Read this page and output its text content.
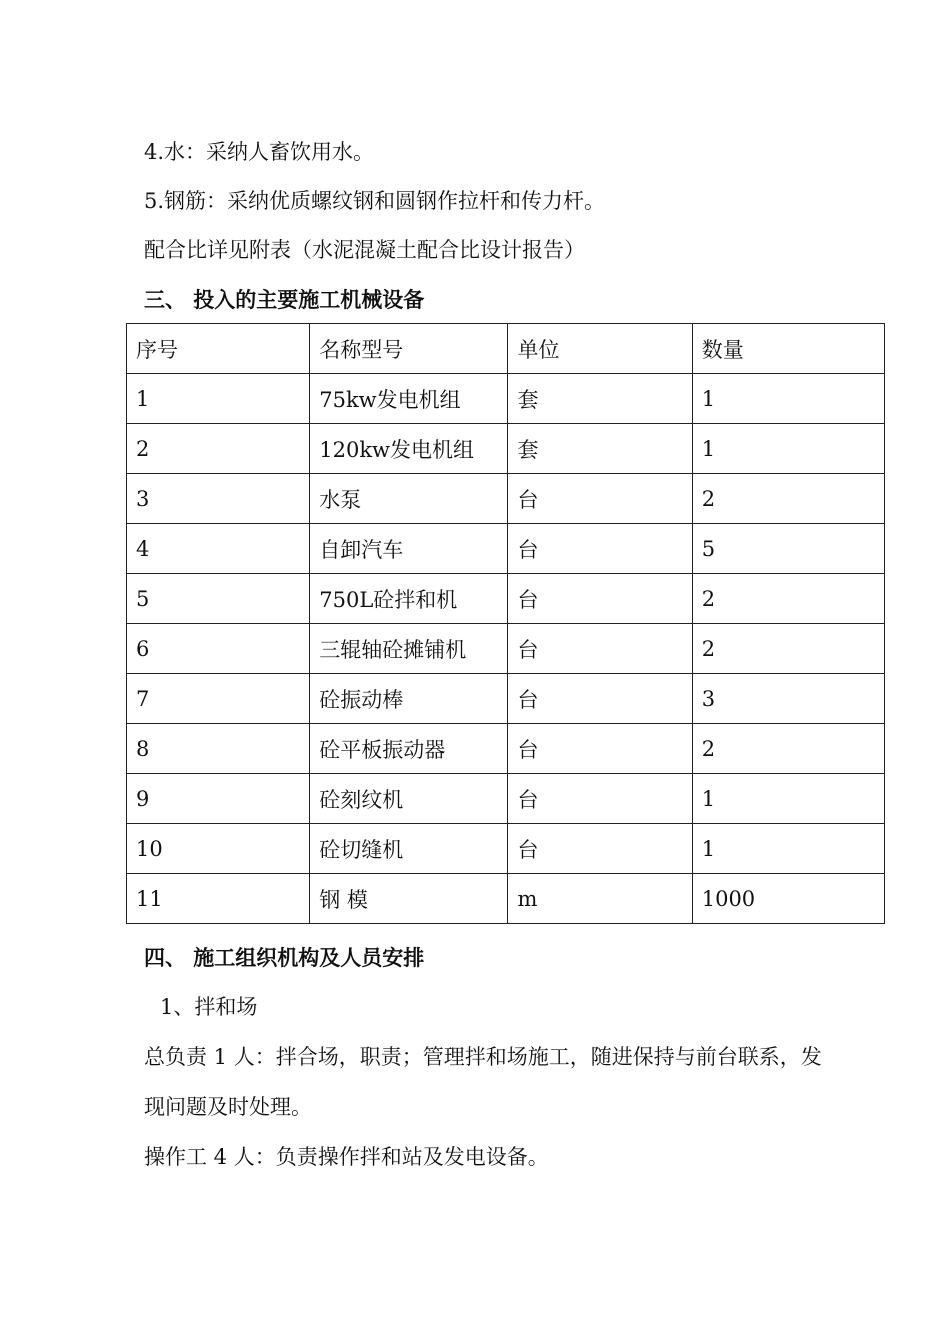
4.水：采纳人畜饮用水。
5.钢筋：采纳优质螺纹钢和圆钢作拉杆和传力杆。
配合比详见附表（水泥混凝土配合比设计报告）
三、 投入的主要施工机械设备
序号	名称型号	单位	数量
1	75kw发电机组	套	1
2	120kw发电机组	套	1
3	水泵	台	2
4	自卸汽车	台	5
5	750L砼拌和机	台	2
6	三辊轴砼摊铺机	台	2
7	砼振动棒	台	3
8	砼平板振动器	台	2
9	砼刻纹机	台	1
10	砼切缝机	台	1
11	钢 模	m	1000
四、 施工组织机构及人员安排
1、拌和场
总负责 1 人：拌合场，职责；管理拌和场施工，随进保持与前台联系，发
现问题及时处理。
操作工 4 人：负责操作拌和站及发电设备。
